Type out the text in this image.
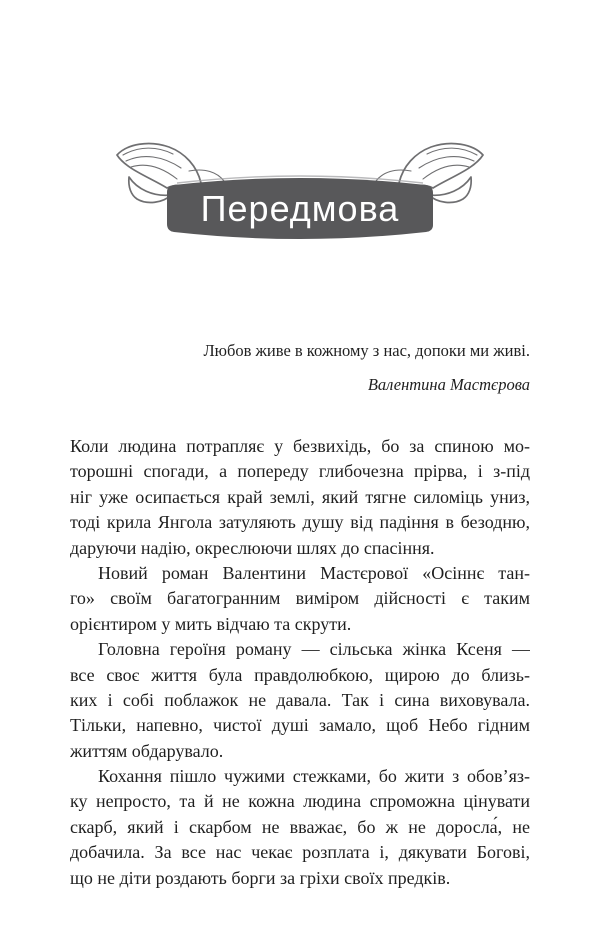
Передмова
Любов живе в кожному з нас, допоки ми живі.
Валентина Мастєрова
Коли людина потрапляє у безвихідь, бо за спиною мо-
торошні спогади, а попереду глибочезна прірва, і з-під
ніг уже осипається край землі, який тягне силоміць униз,
тоді крила Янгола затуляють душу від падіння в безодню,
даруючи надію, окреслюючи шлях до спасіння.
Новий роман Валентини Мастєрової «Осіннє тан-
го» своїм багатогранним виміром дійсності є таким
орієнтиром у мить відчаю та скрути.
Головна героїня роману — сільська жінка Ксеня —
все своє життя була правдолюбкою, щирою до близь-
ких і собі поблажок не давала. Так і сина виховувала.
Тільки, напевно, чистої душі замало, щоб Небо гідним
життям обдарувало.
Кохання пішло чужими стежками, бо жити з обов’яз-
ку непросто, та й не кожна людина спроможна цінувати
скарб, який і скарбом не вважає, бо ж не доросла́, не
добачила. За все нас чекає розплата і, дякувати Богові,
що не діти роздають борги за гріхи своїх предків.
